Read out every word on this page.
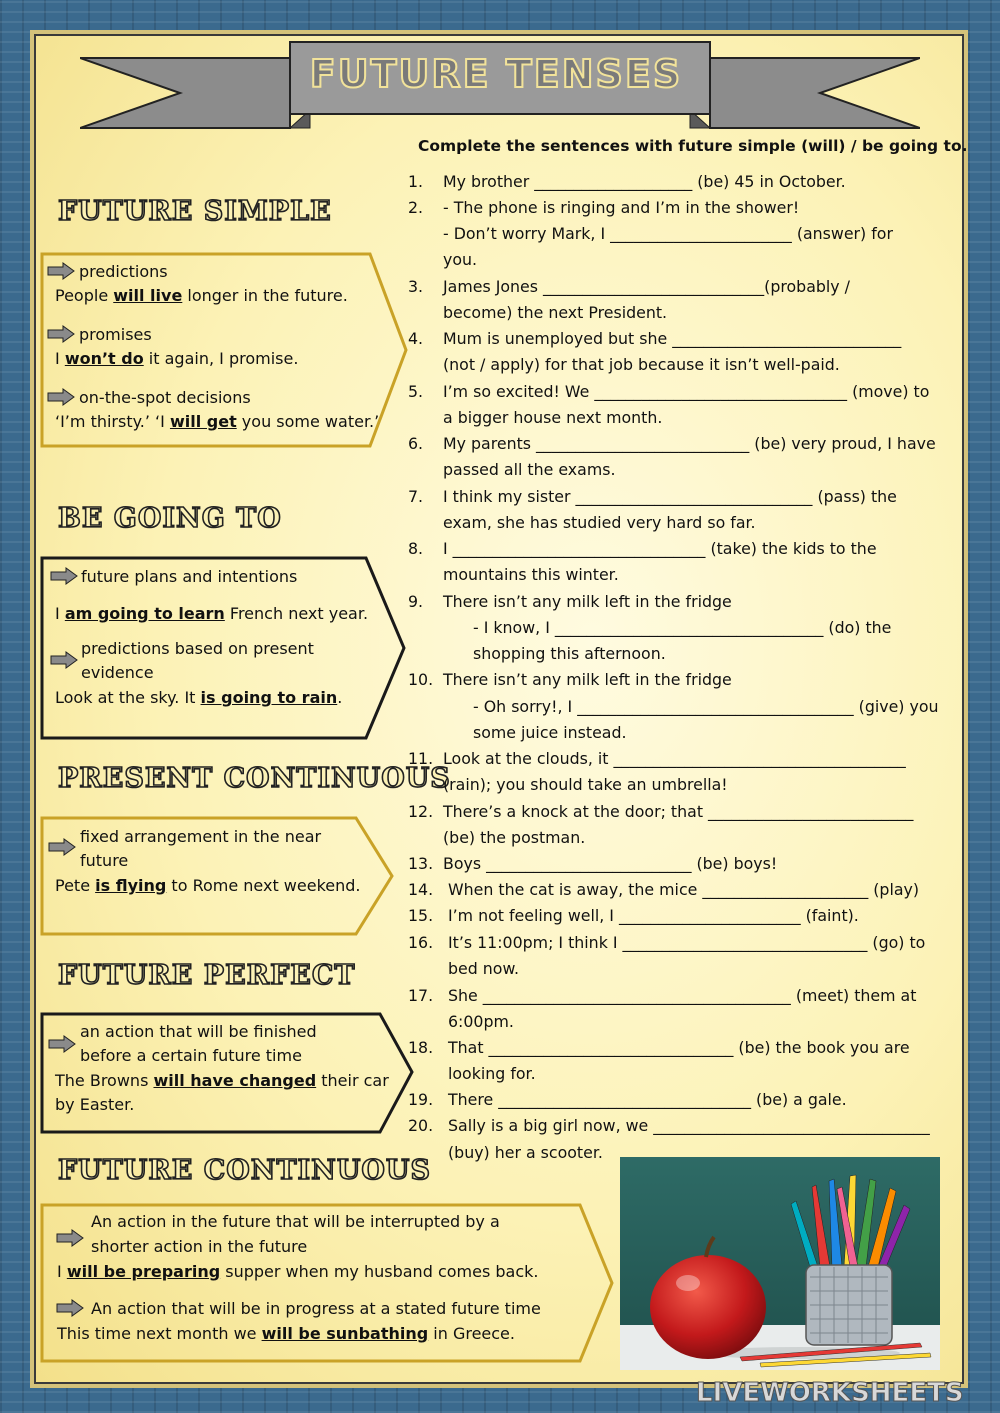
FUTURE TENSES
Complete the sentences with future simple (will) / be going to.
FUTURE SIMPLE
predictions
People will live longer in the future.
promises
I won’t do it again, I promise.
on-the-spot decisions
‘I’m thirsty.’ ‘I will get you some water.’
BE GOING TO
future plans and intentions
I am going to learn French next year.
predictions based on present
evidence
Look at the sky. It is going to rain.
PRESENT CONTINUOUS
fixed arrangement in the near
future
Pete is flying to Rome next weekend.
FUTURE PERFECT
an action that will be finished
before a certain future time
The Browns will have changed their car
by Easter.
FUTURE CONTINUOUS
An action in the future that will be interrupted by a
shorter action in the future
I will be preparing supper when my husband comes back.
An action that will be in progress at a stated future time
This time next month we will be sunbathing in Greece.
1.	My brother ____________________ (be) 45 in October.
2.	- The phone is ringing and I’m in the shower!
- Don’t worry Mark, I _______________________ (answer) for
you.
3.	James Jones ____________________________(probably /
become) the next President.
4.	Mum is unemployed but she _____________________________
(not / apply) for that job because it isn’t well-paid.
5.	I’m so excited! We ________________________________ (move) to
a bigger house next month.
6.	My parents ___________________________ (be) very proud, I have
passed all the exams.
7.	I think my sister ______________________________ (pass) the
exam, she has studied very hard so far.
8.	I ________________________________ (take) the kids to the
mountains this winter.
9.	There isn’t any milk left in the fridge
- I know, I __________________________________ (do) the
shopping this afternoon.
10. There isn’t any milk left in the fridge
- Oh sorry!, I ___________________________________ (give) you
some juice instead.
11. Look at the clouds, it _____________________________________
(rain); you should take an umbrella!
12. There’s a knock at the door; that __________________________
(be) the postman.
13. Boys __________________________ (be) boys!
14. When the cat is away, the mice _____________________ (play)
15. I’m not feeling well, I _______________________ (faint).
16. It’s 11:00pm; I think I _______________________________ (go) to
bed now.
17. She _______________________________________ (meet) them at
6:00pm.
18. That _______________________________ (be) the book you are
looking for.
19. There ________________________________ (be) a gale.
20. Sally is a big girl now, we ___________________________________
(buy) her a scooter.
LIVEWORKSHEETS
